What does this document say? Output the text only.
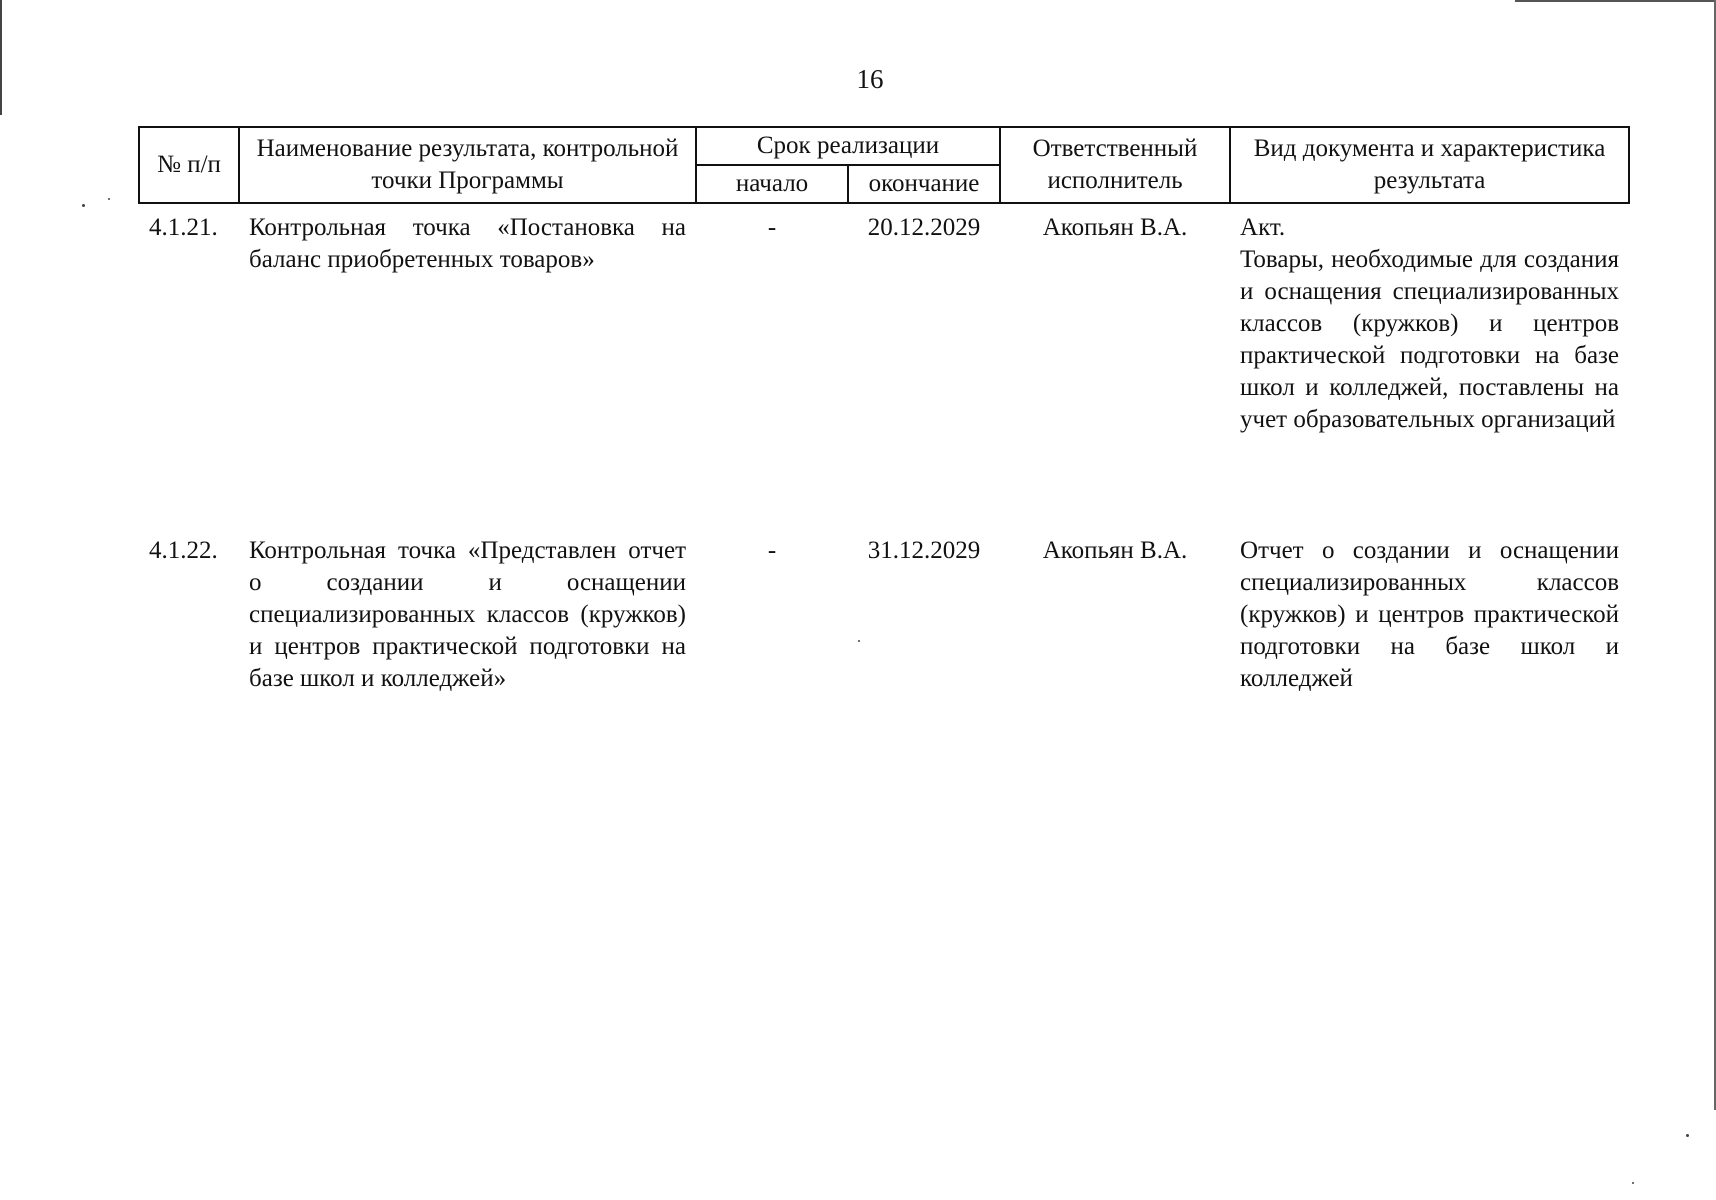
16
№ п/п	Наименование результата, контрольной точки Программы	Срок реализации		Ответственный исполнитель	Вид документа и характеристика результата
		начало	окончание		
4.1.21.	Контрольная точка «Постановка на баланс приобретенных товаров»	-	20.12.2029	Акопьян В.А.	Акт.
Товары, необходимые для создания и оснащения специализированных классов (кружков) и центров практической подготовки на базе школ и колледжей, поставлены на учет образовательных организаций

4.1.22.	Контрольная точка «Представлен отчет о создании и оснащении специализированных классов (кружков) и центров практической подготовки на базе школ и колледжей»	-	31.12.2029	Акопьян В.А.	Отчет о создании и оснащении специализированных классов (кружков) и центров практической подготовки на базе школ и колледжей
